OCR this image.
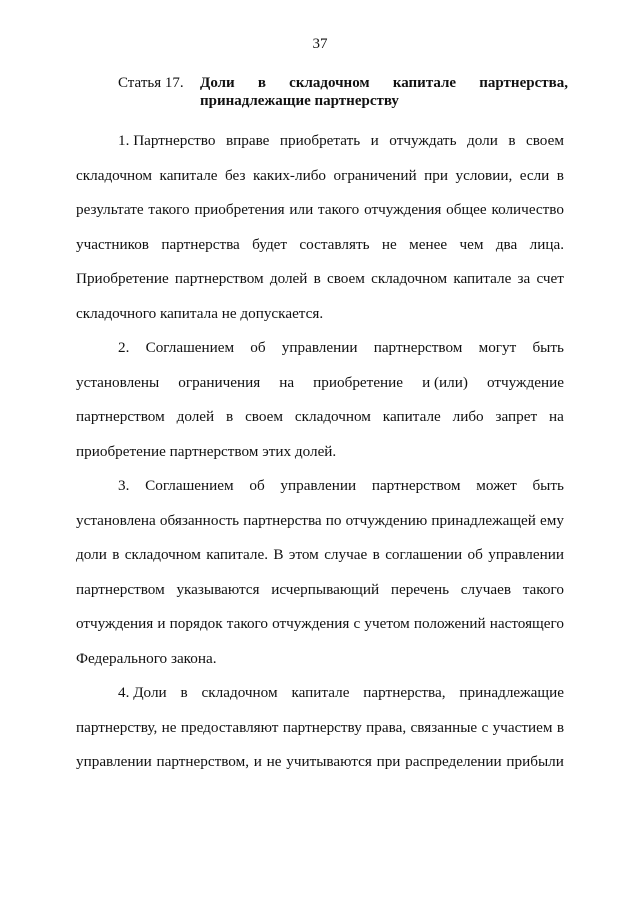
37
Статья 17. Доли в складочном капитале партнерства,
принадлежащие партнерству
1. Партнерство вправе приобретать и отчуждать доли в своем
складочном капитале без каких-либо ограничений при условии, если в
результате такого приобретения или такого отчуждения общее количество
участников партнерства будет составлять не менее чем два лица.
Приобретение партнерством долей в своем складочном капитале за счет
складочного капитала не допускается.
2. Соглашением об управлении партнерством могут быть
установлены ограничения на приобретение и (или) отчуждение
партнерством долей в своем складочном капитале либо запрет на
приобретение партнерством этих долей.
3. Соглашением об управлении партнерством может быть
установлена обязанность партнерства по отчуждению принадлежащей ему
доли в складочном капитале. В этом случае в соглашении об управлении
партнерством указываются исчерпывающий перечень случаев такого
отчуждения и порядок такого отчуждения с учетом положений настоящего
Федерального закона.
4. Доли в складочном капитале партнерства, принадлежащие
партнерству, не предоставляют партнерству права, связанные с участием в
управлении партнерством, и не учитываются при распределении прибыли
